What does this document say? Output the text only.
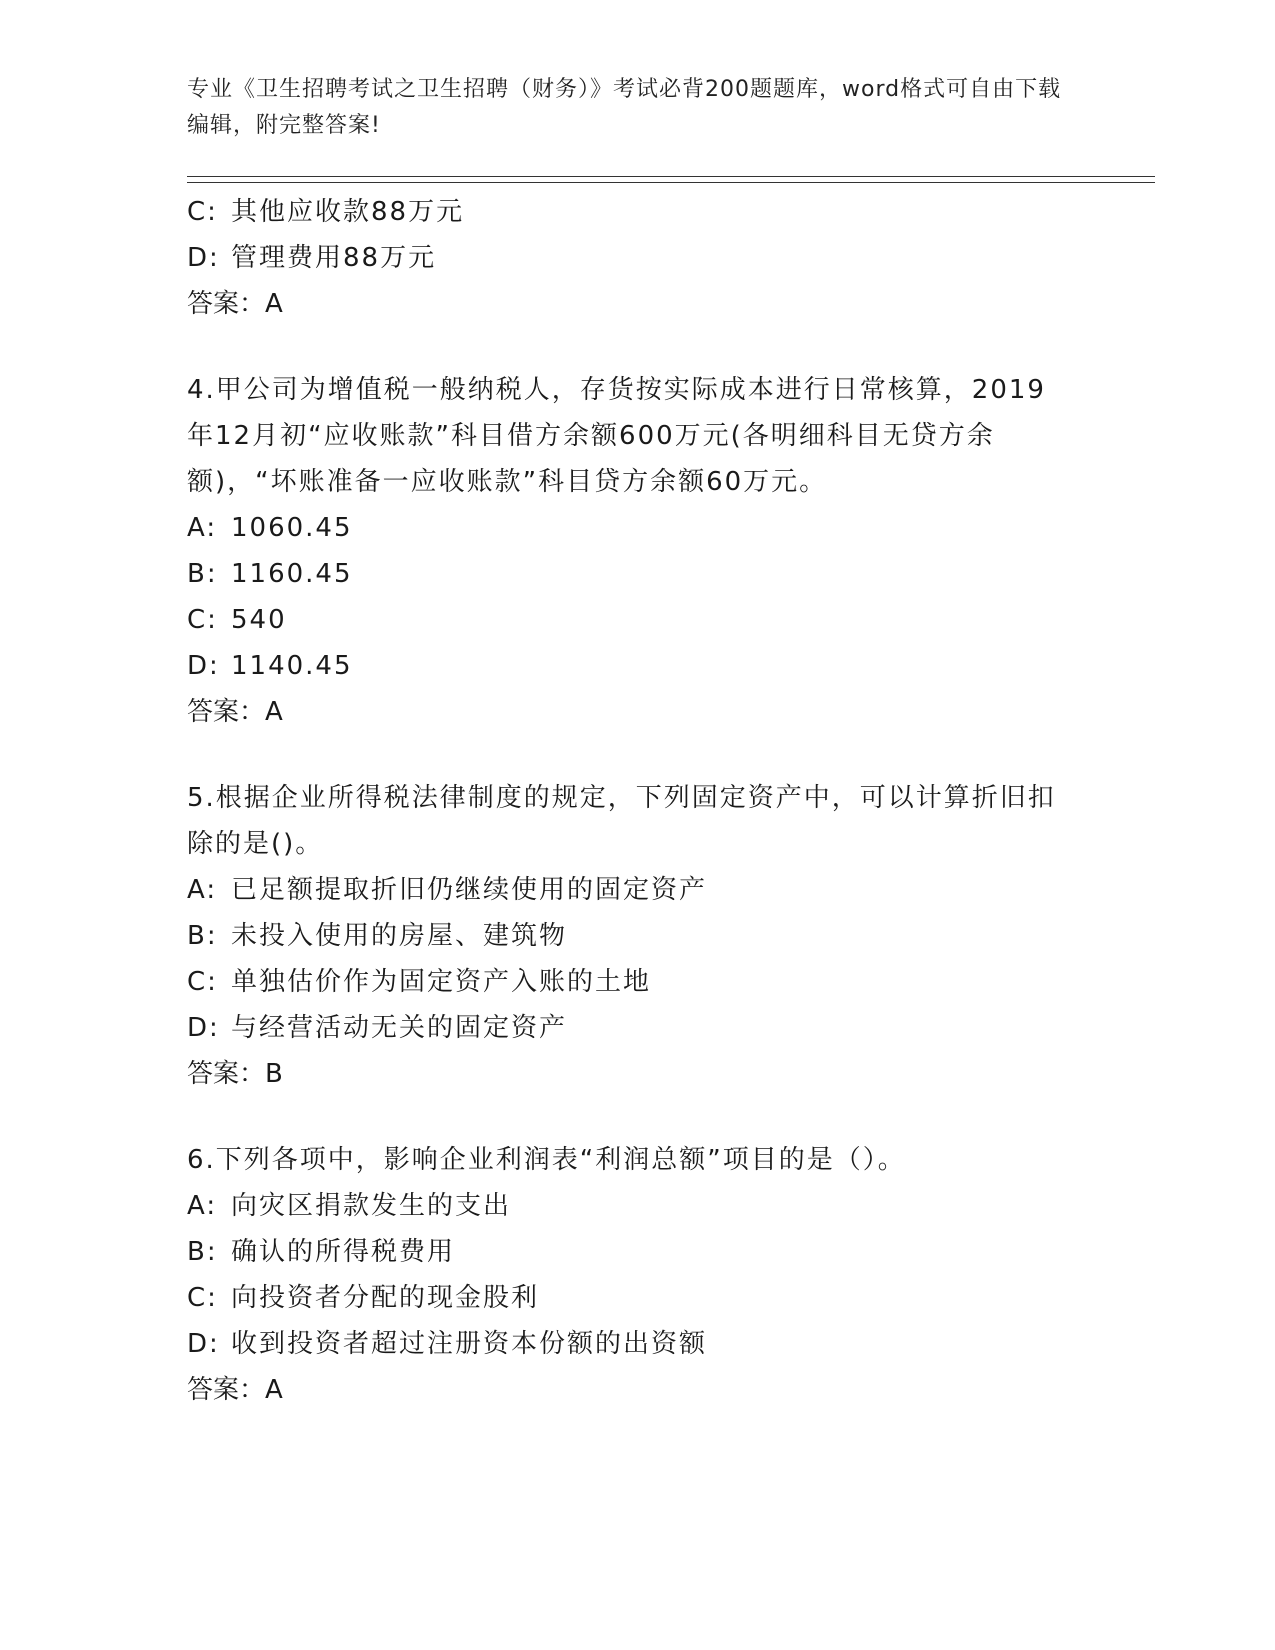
专业《卫生招聘考试之卫生招聘（财务）》考试必背200题题库，word格式可自由下载编辑，附完整答案!

C: 其他应收款88万元

D: 管理费用88万元

答案：A

4.甲公司为增值税一般纳税人，存货按实际成本进行日常核算，2019年12月初“应收账款”科目借方余额600万元(各明细科目无贷方余额)，“坏账准备一应收账款”科目贷方余额60万元。

A: 1060.45

B: 1160.45

C: 540

D: 1140.45

答案：A

5.根据企业所得税法律制度的规定，下列固定资产中，可以计算折旧扣除的是()。

A: 已足额提取折旧仍继续使用的固定资产

B: 未投入使用的房屋、建筑物

C: 单独估价作为固定资产入账的土地

D: 与经营活动无关的固定资产

答案：B

6.下列各项中，影响企业利润表“利润总额”项目的是（）。

A: 向灾区捐款发生的支出

B: 确认的所得税费用

C: 向投资者分配的现金股利

D: 收到投资者超过注册资本份额的出资额

答案：A
